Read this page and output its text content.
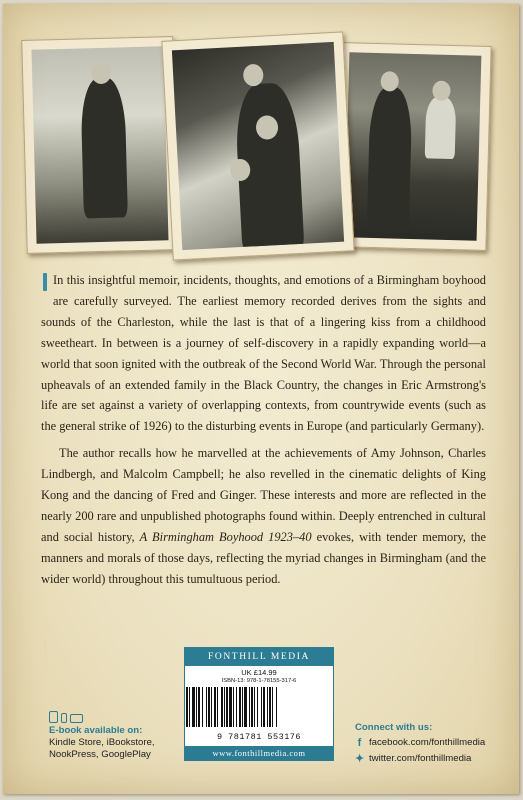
In this insightful memoir, incidents, thoughts, and emotions of a Birmingham boyhood are carefully surveyed. The earliest memory recorded derives from the sights and sounds of the Charleston, while the last is that of a lingering kiss from a childhood sweetheart. In between is a journey of self-discovery in a rapidly expanding world—a world that soon ignited with the outbreak of the Second World War. Through the personal upheavals of an extended family in the Black Country, the changes in Eric Armstrong's life are set against a variety of overlapping contexts, from countrywide events (such as the general strike of 1926) to the disturbing events in Europe (and particularly Germany).

The author recalls how he marvelled at the achievements of Amy Johnson, Charles Lindbergh, and Malcolm Campbell; he also revelled in the cinematic delights of King Kong and the dancing of Fred and Ginger. These interests and more are reflected in the nearly 200 rare and unpublished photographs found within. Deeply entrenched in cultural and social history, A Birmingham Boyhood 1923–40 evokes, with tender memory, the manners and morals of those days, reflecting the myriad changes in Birmingham (and the wider world) throughout this tumultuous period.

E-book available on:
Kindle Store, iBookstore,
NookPress, GooglePlay
FONTHILL MEDIA
UK £14.99
ISBN-13: 978-1-78155-317-6
9 781781 553176
www.fonthillmedia.com
Connect with us:
f facebook.com/fonthillmedia
✦ twitter.com/fonthillmedia
